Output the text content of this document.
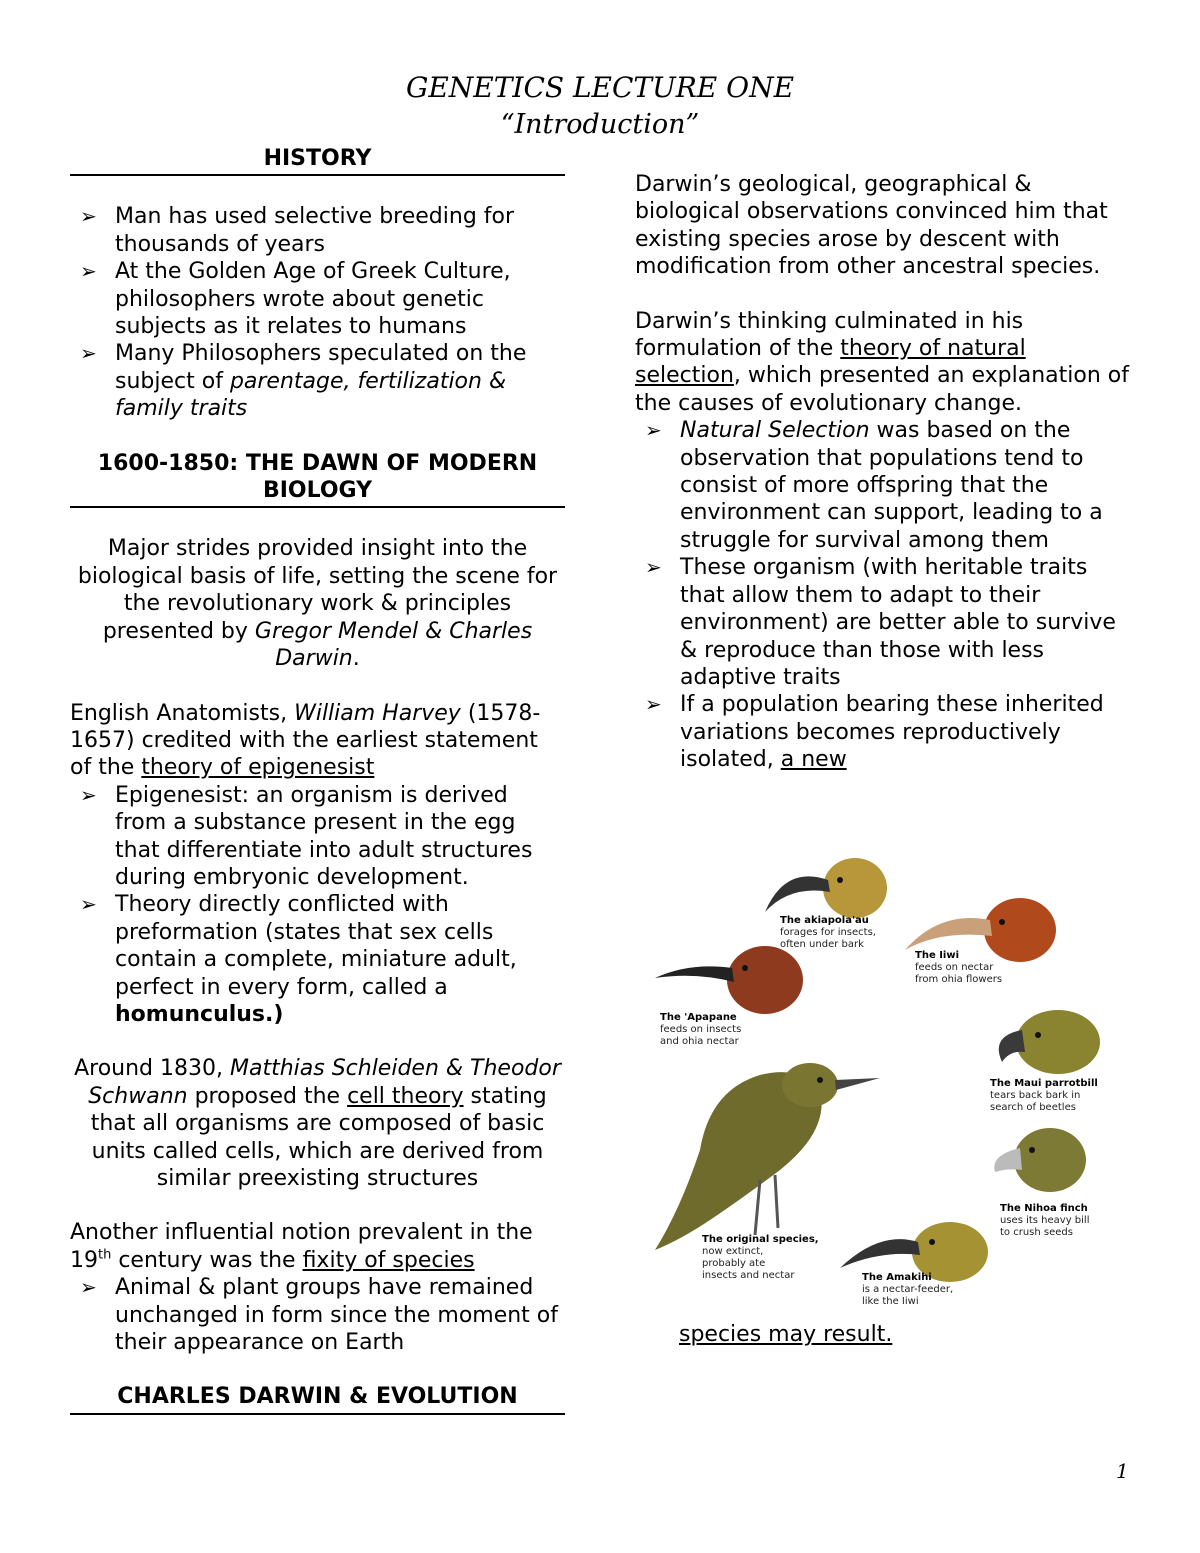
GENETICS LECTURE ONE
“Introduction”
HISTORY
➢ Man has used selective breeding for thousands of years
➢ At the Golden Age of Greek Culture, philosophers wrote about genetic subjects as it relates to humans
➢ Many Philosophers speculated on the subject of parentage, fertilization & family traits
1600-1850: THE DAWN OF MODERN BIOLOGY
Major strides provided insight into the biological basis of life, setting the scene for the revolutionary work & principles presented by Gregor Mendel & Charles Darwin.
English Anatomists, William Harvey (1578-1657) credited with the earliest statement of the theory of epigenesist
➢ Epigenesist: an organism is derived from a substance present in the egg that differentiate into adult structures during embryonic development.
➢ Theory directly conflicted with preformation (states that sex cells contain a complete, miniature adult, perfect in every form, called a homunculus.)
Around 1830, Matthias Schleiden & Theodor Schwann proposed the cell theory stating that all organisms are composed of basic units called cells, which are derived from similar preexisting structures
Another influential notion prevalent in the 19th century was the fixity of species
➢ Animal & plant groups have remained unchanged in form since the moment of their appearance on Earth
CHARLES DARWIN & EVOLUTION
Darwin’s geological, geographical & biological observations convinced him that existing species arose by descent with modification from other ancestral species.
Darwin’s thinking culminated in his formulation of the theory of natural selection, which presented an explanation of the causes of evolutionary change.
➢ Natural Selection was based on the observation that populations tend to consist of more offspring that the environment can support, leading to a struggle for survival among them
➢ These organism (with heritable traits that allow them to adapt to their environment) are better able to survive & reproduce than those with less adaptive traits
➢ If a population bearing these inherited variations becomes reproductively isolated, a new
The akiapola'au
forages for insects,
often under bark
The Iiwi
feeds on nectar
from ohia flowers
The 'Apapane
feeds on insects
and ohia nectar
The Maui parrotbill
tears back bark in
search of beetles
The Nihoa finch
uses its heavy bill
to crush seeds
The original species,
now extinct,
probably ate
insects and nectar	The Amakihi
is a nectar-feeder,
like the Iiwi
species may result.
1
